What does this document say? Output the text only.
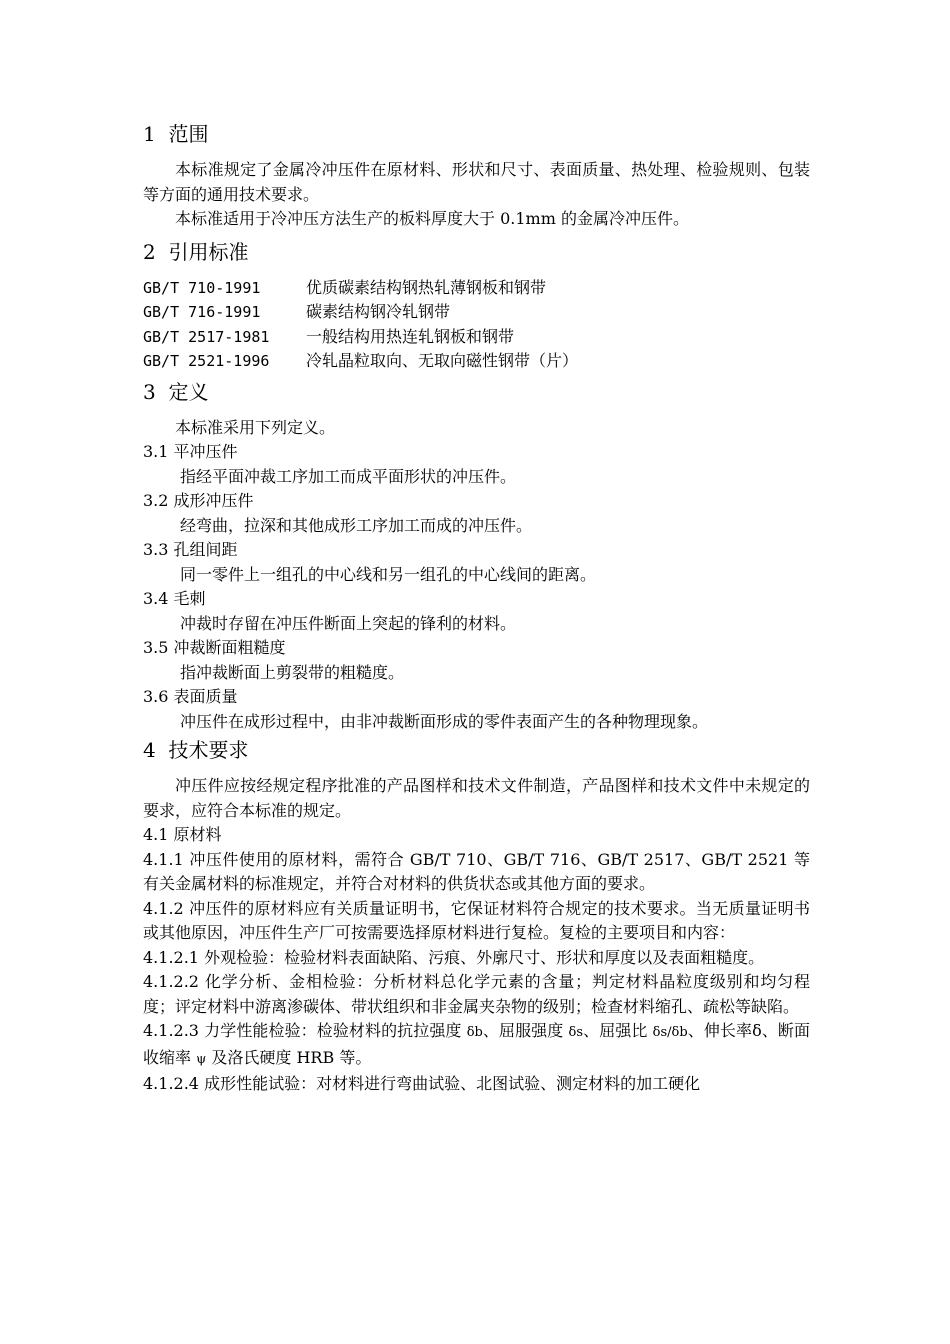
1  范围

本标准规定了金属冷冲压件在原材料、形状和尺寸、表面质量、热处理、检验规则、包装等方面的通用技术要求。

本标准适用于冷冲压方法生产的板料厚度大于 0.1mm 的金属冷冲压件。

2  引用标准
GB/T 710-1991	优质碳素结构钢热轧薄钢板和钢带
GB/T 716-1991	碳素结构钢冷轧钢带
GB/T 2517-1981	一般结构用热连轧钢板和钢带
GB/T 2521-1996	冷轧晶粒取向、无取向磁性钢带（片）
3  定义

本标准采用下列定义。

3.1 平冲压件

指经平面冲裁工序加工而成平面形状的冲压件。

3.2 成形冲压件

经弯曲，拉深和其他成形工序加工而成的冲压件。

3.3 孔组间距

同一零件上一组孔的中心线和另一组孔的中心线间的距离。

3.4 毛刺

冲裁时存留在冲压件断面上突起的锋利的材料。

3.5 冲裁断面粗糙度

指冲裁断面上剪裂带的粗糙度。

3.6 表面质量

冲压件在成形过程中，由非冲裁断面形成的零件表面产生的各种物理现象。

4  技术要求

冲压件应按经规定程序批准的产品图样和技术文件制造，产品图样和技术文件中未规定的要求，应符合本标准的规定。

4.1 原材料

4.1.1 冲压件使用的原材料，需符合 GB/T 710、GB/T 716、GB/T 2517、GB/T 2521 等有关金属材料的标准规定，并符合对材料的供货状态或其他方面的要求。

4.1.2 冲压件的原材料应有关质量证明书，它保证材料符合规定的技术要求。当无质量证明书或其他原因，冲压件生产厂可按需要选择原材料进行复检。复检的主要项目和内容：

4.1.2.1 外观检验：检验材料表面缺陷、污痕、外廓尺寸、形状和厚度以及表面粗糙度。

4.1.2.2 化学分析、金相检验：分析材料总化学元素的含量；判定材料晶粒度级别和均匀程度；评定材料中游离渗碳体、带状组织和非金属夹杂物的级别；检查材料缩孔、疏松等缺陷。

4.1.2.3 力学性能检验：检验材料的抗拉强度 δb、屈服强度 δs、屈强比 δs/δb、伸长率δ、断面收缩率 ψ 及洛氏硬度 HRB 等。

4.1.2.4 成形性能试验：对材料进行弯曲试验、北图试验、测定材料的加工硬化
